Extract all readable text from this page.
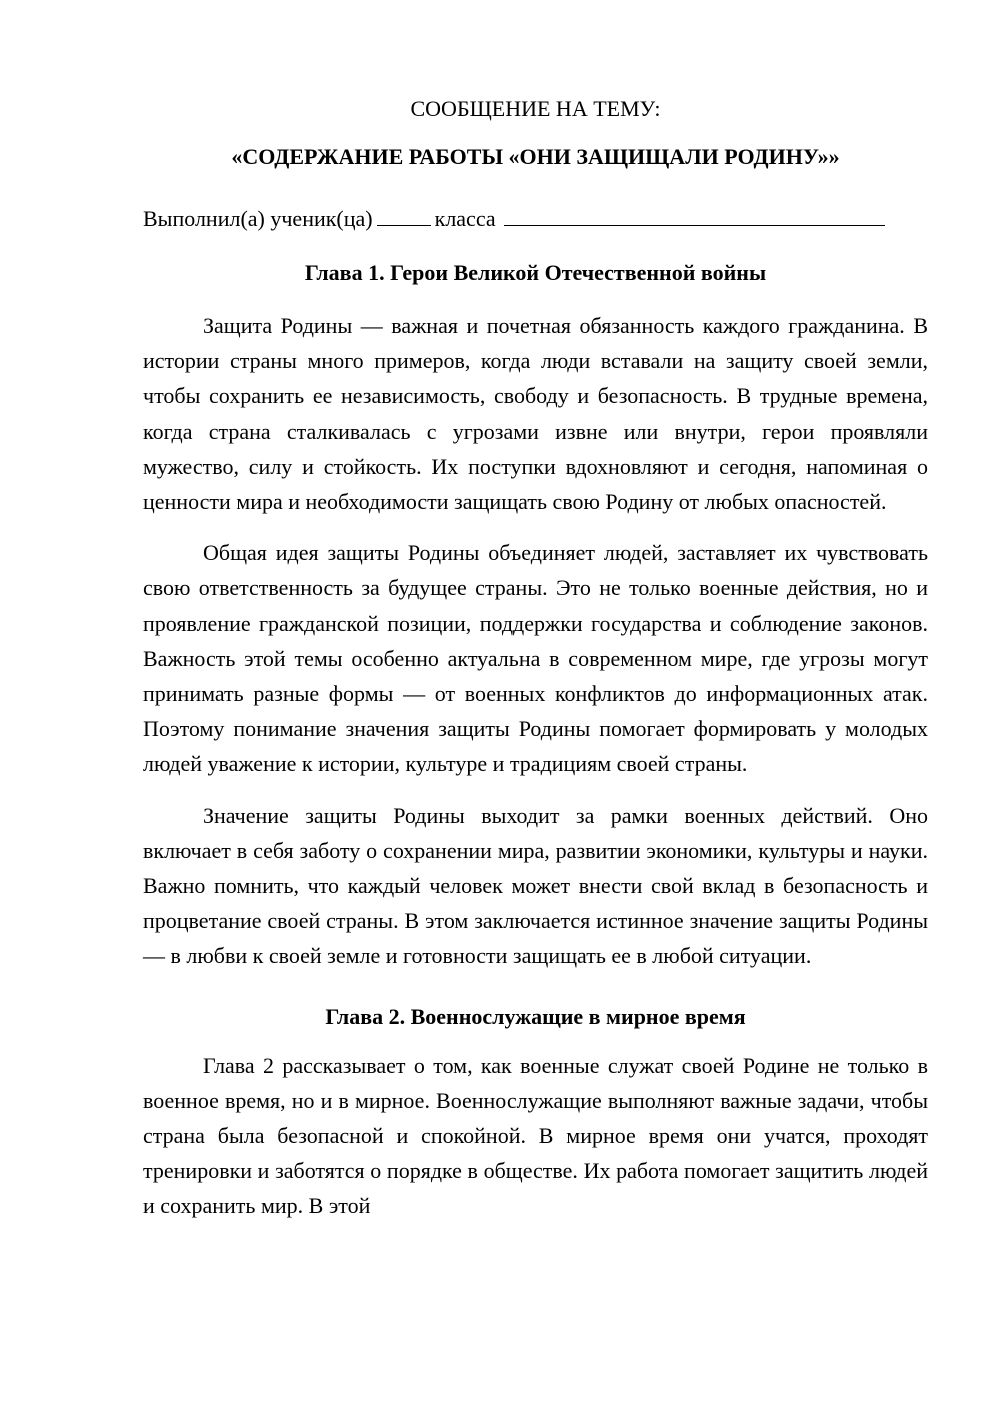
СООБЩЕНИЕ НА ТЕМУ:

«СОДЕРЖАНИЕ РАБОТЫ «ОНИ ЗАЩИЩАЛИ РОДИНУ»»

Выполнил(а) ученик(ца)	класса

Глава 1. Герои Великой Отечественной войны

Защита Родины — важная и почетная обязанность каждого гражданина. В истории страны много примеров, когда люди вставали на защиту своей земли, чтобы сохранить ее независимость, свободу и безопасность. В трудные времена, когда страна сталкивалась с угрозами извне или внутри, герои проявляли мужество, силу и стойкость. Их поступки вдохновляют и сегодня, напоминая о ценности мира и необходимости защищать свою Родину от любых опасностей.

Общая идея защиты Родины объединяет людей, заставляет их чувствовать свою ответственность за будущее страны. Это не только военные действия, но и проявление гражданской позиции, поддержки государства и соблюдение законов. Важность этой темы особенно актуальна в современном мире, где угрозы могут принимать разные формы — от военных конфликтов до информационных атак. Поэтому понимание значения защиты Родины помогает формировать у молодых людей уважение к истории, культуре и традициям своей страны.

Значение защиты Родины выходит за рамки военных действий. Оно включает в себя заботу о сохранении мира, развитии экономики, культуры и науки. Важно помнить, что каждый человек может внести свой вклад в безопасность и процветание своей страны. В этом заключается истинное значение защиты Родины — в любви к своей земле и готовности защищать ее в любой ситуации.

Глава 2. Военнослужащие в мирное время

Глава 2 рассказывает о том, как военные служат своей Родине не только в военное время, но и в мирное. Военнослужащие выполняют важные задачи, чтобы страна была безопасной и спокойной. В мирное время они учатся, проходят тренировки и заботятся о порядке в обществе. Их работа помогает защитить людей и сохранить мир. В этой
